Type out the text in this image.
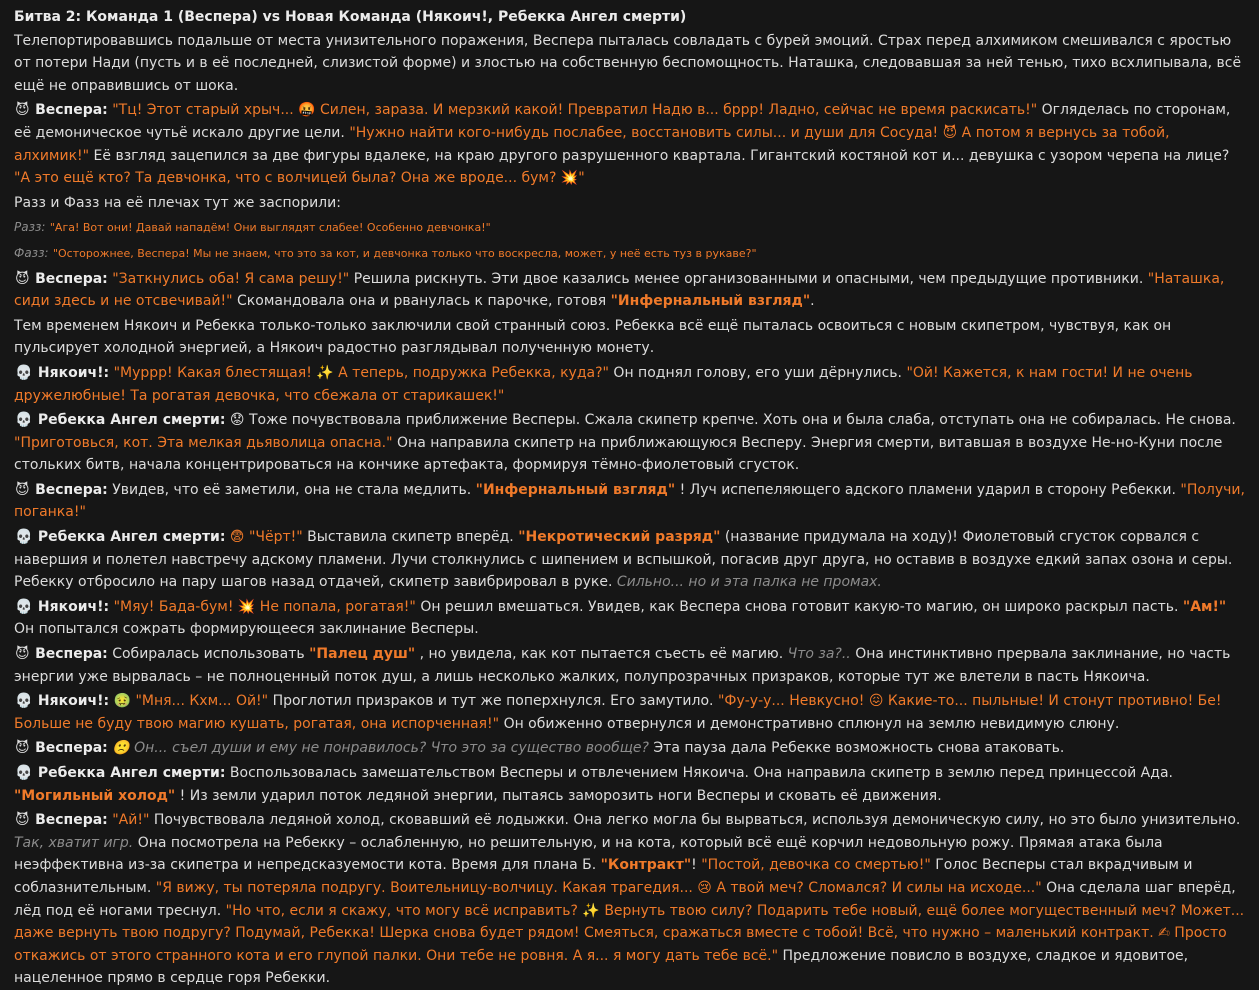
Битва 2: Команда 1 (Веспера) vs Новая Команда (Някоич!, Ребекка Ангел смерти)
Телепортировавшись подальше от места унизительного поражения, Веспера пыталась совладать с бурей эмоций. Страх перед алхимиком смешивался с яростью от потери Нади (пусть и в её последней, слизистой форме) и злостью на собственную беспомощность. Наташка, следовавшая за ней тенью, тихо всхлипывала, всё ещё не оправившись от шока.
😈 Веспера: "Тц! Этот старый хрыч... 🤬 Силен, зараза. И мерзкий какой! Превратил Надю в... бррр! Ладно, сейчас не время раскисать!" Огляделась по сторонам, её демоническое чутьё искало другие цели. "Нужно найти кого-нибудь послабее, восстановить силы... и души для Сосуда! 😈 А потом я вернусь за тобой, алхимик!" Её взгляд зацепился за две фигуры вдалеке, на краю другого разрушенного квартала. Гигантский костяной кот и... девушка с узором черепа на лице? "А это ещё кто? Та девчонка, что с волчицей была? Она же вроде... бум? 💥"
Разз и Фазз на её плечах тут же заспорили:
Разз: "Ага! Вот они! Давай нападём! Они выглядят слабее! Особенно девчонка!"
Фазз: "Осторожнее, Веспера! Мы не знаем, что это за кот, и девчонка только что воскресла, может, у неё есть туз в рукаве?"
😈 Веспера: "Заткнулись оба! Я сама решу!" Решила рискнуть. Эти двое казались менее организованными и опасными, чем предыдущие противники. "Наташка, сиди здесь и не отсвечивай!" Скомандовала она и рванулась к парочке, готовя "Инфернальный взгляд".
Тем временем Някоич и Ребекка только-только заключили свой странный союз. Ребекка всё ещё пыталась освоиться с новым скипетром, чувствуя, как он пульсирует холодной энергией, а Някоич радостно разглядывал полученную монету.
💀 Някоич!: "Муррр! Какая блестящая! ✨ А теперь, подружка Ребекка, куда?" Он поднял голову, его уши дёрнулись. "Ой! Кажется, к нам гости! И не очень дружелюбные! Та рогатая девочка, что сбежала от старикашек!"
💀 Ребекка Ангел смерти: 😟 Тоже почувствовала приближение Весперы. Сжала скипетр крепче. Хоть она и была слаба, отступать она не собиралась. Не снова. "Приготовься, кот. Эта мелкая дьяволица опасна." Она направила скипетр на приближающуюся Весперу. Энергия смерти, витавшая в воздухе Не-но-Куни после стольких битв, начала концентрироваться на кончике артефакта, формируя тёмно-фиолетовый сгусток.
😈 Веспера: Увидев, что её заметили, она не стала медлить. "Инфернальный взгляд" ! Луч испепеляющего адского пламени ударил в сторону Ребекки. "Получи, поганка!"
💀 Ребекка Ангел смерти: 😨 "Чёрт!" Выставила скипетр вперёд. "Некротический разряд" (название придумала на ходу)! Фиолетовый сгусток сорвался с навершия и полетел навстречу адскому пламени. Лучи столкнулись с шипением и вспышкой, погасив друг друга, но оставив в воздухе едкий запах озона и серы. Ребекку отбросило на пару шагов назад отдачей, скипетр завибрировал в руке. Сильно... но и эта палка не промах.
💀 Някоич!: "Мяу! Бада-бум! 💥 Не попала, рогатая!" Он решил вмешаться. Увидев, как Веспера снова готовит какую-то магию, он широко раскрыл пасть. "Ам!" Он попытался сожрать формирующееся заклинание Весперы.
😈 Веспера: Собиралась использовать "Палец душ" , но увидела, как кот пытается съесть её магию. Что за?.. Она инстинктивно прервала заклинание, но часть энергии уже вырвалась – не полноценный поток душ, а лишь несколько жалких, полупрозрачных призраков, которые тут же влетели в пасть Някоича.
💀 Някоич!: 🤢 "Мня... Кхм... Ой!" Проглотил призраков и тут же поперхнулся. Его замутило. "Фу-у-у... Невкусно! 😖 Какие-то... пыльные! И стонут противно! Бе! Больше не буду твою магию кушать, рогатая, она испорченная!" Он обиженно отвернулся и демонстративно сплюнул на землю невидимую слюну.
😈 Веспера: 🙁 Он... съел души и ему не понравилось? Что это за существо вообще? Эта пауза дала Ребекке возможность снова атаковать.
💀 Ребекка Ангел смерти: Воспользовалась замешательством Весперы и отвлечением Някоича. Она направила скипетр в землю перед принцессой Ада. "Могильный холод" ! Из земли ударил поток ледяной энергии, пытаясь заморозить ноги Весперы и сковать её движения.
😈 Веспера: "Ай!" Почувствовала ледяной холод, сковавший её лодыжки. Она легко могла бы вырваться, используя демоническую силу, но это было унизительно. Так, хватит игр. Она посмотрела на Ребекку – ослабленную, но решительную, и на кота, который всё ещё корчил недовольную рожу. Прямая атака была неэффективна из-за скипетра и непредсказуемости кота. Время для плана Б. "Контракт"! "Постой, девочка со смертью!" Голос Весперы стал вкрадчивым и соблазнительным. "Я вижу, ты потеряла подругу. Воительницу-волчицу. Какая трагедия... 😢 А твой меч? Сломался? И силы на исходе..." Она сделала шаг вперёд, лёд под её ногами треснул. "Но что, если я скажу, что могу всё исправить? ✨ Вернуть твою силу? Подарить тебе новый, ещё более могущественный меч? Может... даже вернуть твою подругу? Подумай, Ребекка! Шерка снова будет рядом! Смеяться, сражаться вместе с тобой! Всё, что нужно – маленький контракт. ✍ Просто откажись от этого странного кота и его глупой палки. Они тебе не ровня. А я... я могу дать тебе всё." Предложение повисло в воздухе, сладкое и ядовитое, нацеленное прямо в сердце горя Ребекки.
